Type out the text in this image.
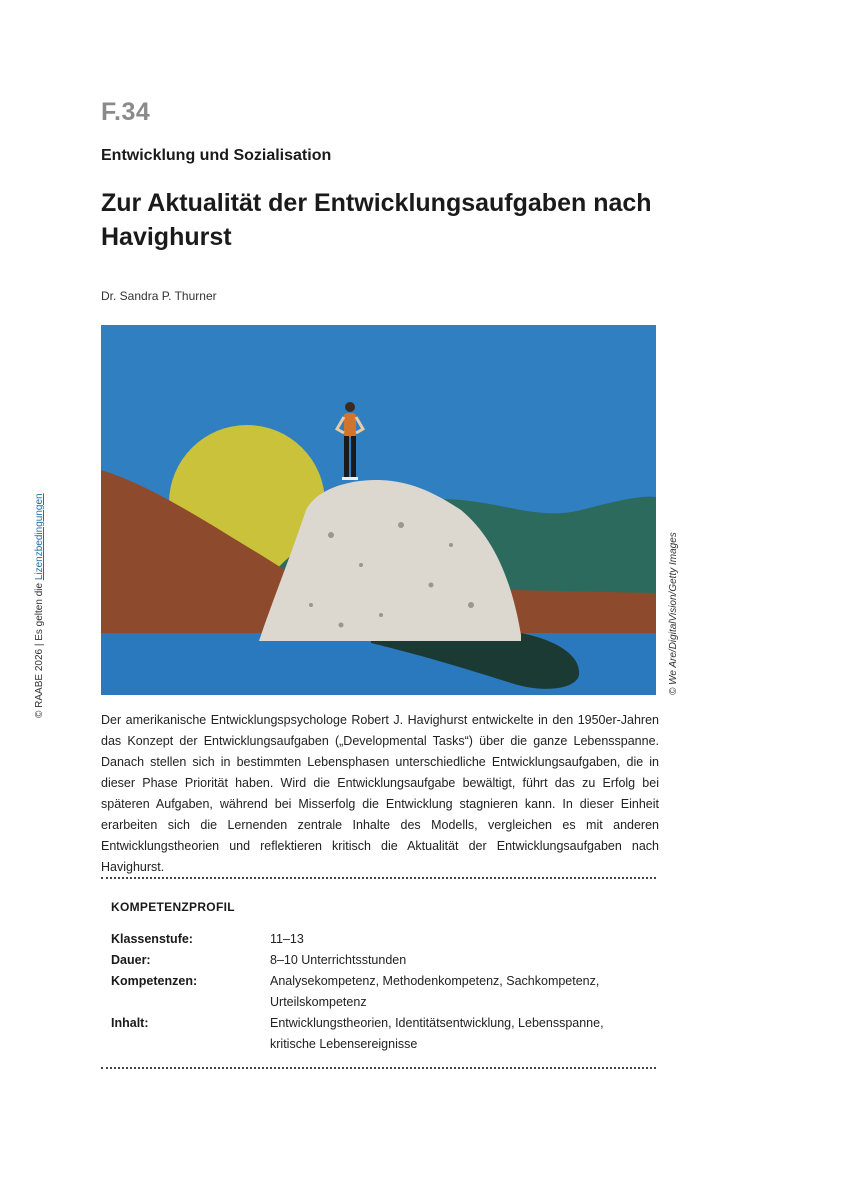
F.34
Entwicklung und Sozialisation
Zur Aktualität der Entwicklungsaufgaben nach Havighurst
Dr. Sandra P. Thurner
© We Are/DigitalVision/Getty Images
© RAABE 2026 | Es gelten die Lizenzbedingungen

Der amerikanische Entwicklungspsychologe Robert J. Havighurst entwickelte in den 1950er-Jahren das Konzept der Entwicklungsaufgaben („Developmental Tasks“) über die ganze Lebensspanne. Danach stellen sich in bestimmten Lebensphasen unterschiedliche Entwicklungsaufgaben, die in dieser Phase Priorität haben. Wird die Entwicklungsaufgabe bewältigt, führt das zu Erfolg bei späteren Aufgaben, während bei Misserfolg die Entwicklung stagnieren kann. In dieser Einheit erarbeiten sich die Lernenden zentrale Inhalte des Modells, vergleichen es mit anderen Entwicklungstheorien und reflektieren kritisch die Aktualität der Entwicklungsaufgaben nach Havighurst.

KOMPETENZPROFIL
Klassenstufe:	11–13
Dauer:	8–10 Unterrichtsstunden
Kompetenzen:	Analysekompetenz, Methodenkompetenz, Sachkompetenz, Urteilskompetenz
Inhalt:	Entwicklungstheorien, Identitätsentwicklung, Lebensspanne, kritische Lebensereignisse
